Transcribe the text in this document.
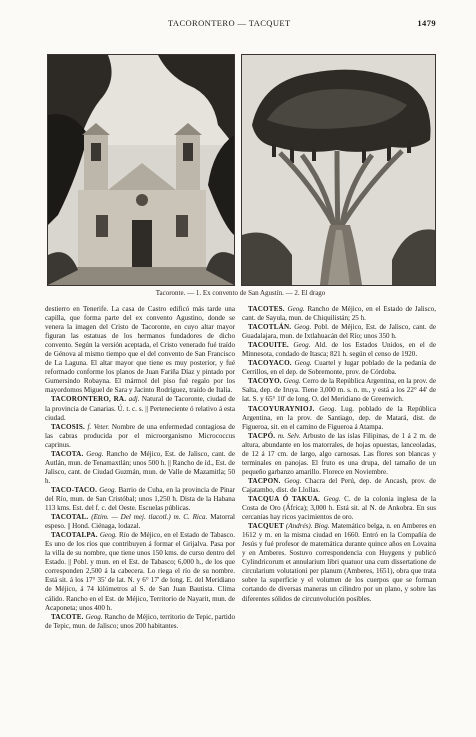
TACORONTERO — TACQUET	1479
Tacoronte. — 1. Ex convento de San Agustín. — 2. El drago

destierro en Tenerife. La casa de Castro edificó más tarde una capilla, que forma parte del ex convento Agustino, donde se venera la imagen del Cristo de Tacoronte, en cuyo altar mayor figuran las estatuas de los hermanos fundadores de dicho convento. Según la versión aceptada, el Cristo venerado fué traído de Génova al mismo tiempo que el del convento de San Francisco de La Laguna. El altar mayor que tiene es muy posterior, y fué reformado conforme los planos de Juan Fariña Díaz y pintado por Gumersindo Robayna. El mármol del piso fué regalo por los mayordomos Miguel de Sara y Jacinto Rodríguez, traído de Italia.

TACORONTERO, RA. adj. Natural de Tacoronte, ciudad de la provincia de Canarias. Ú. t. c. s. || Perteneciente ó relativo á esta ciudad.

TACOSIS. f. Veter. Nombre de una enfermedad contagiosa de las cabras producida por el microorganismo Micrococcus caprinus.

TACOTA. Geog. Rancho de Méjico, Est. de Jalisco, cant. de Autlán, mun. de Tenamaxtlán; unos 500 h. || Rancho de íd., Est. de Jalisco, cant. de Ciudad Guzmán, mun. de Valle de Mazamitla; 50 h.

TACO-TACO. Geog. Barrio de Cuba, en la provincia de Pinar del Río, mun. de San Cristóbal; unos 1,250 h. Dista de la Habana 113 kms. Est. del f. c. del Oeste. Escuelas públicas.

TACOTAL. (Etim. — Del mej. tlacotl.) m. C. Rica. Matorral espeso. || Hond. Ciénaga, lodazal.

TACOTALPA. Geog. Río de Méjico, en el Estado de Tabasco. Es uno de los ríos que contribuyen á formar el Grijalva. Pasa por la villa de su nombre, que tiene unos 150 kms. de curso dentro del Estado. || Pobl. y mun. en el Est. de Tabasco; 6,000 h., de los que corresponden 2,500 á la cabecera. Lo riega el río de su nombre. Está sit. á los 17° 35' de lat. N. y 6° 17' de long. E. del Meridiano de Méjico, á 74 kilómetros al S. de San Juan Bautista. Clima cálido. Rancho en el Est. de Méjico, Territorio de Nayarit, mun. de Acaponeta; unos 400 h.

TACOTE. Geog. Rancho de Méjico, territorio de Tepic, partido de Tepic, mun. de Jalisco; unos 200 habitantes.

TACOTES. Geog. Rancho de Méjico, en el Estado de Jalisco, cant. de Sayula, mun. de Chiquilistán; 25 h.

TACOTLÁN. Geog. Pobl. de Méjico, Est. de Jalisco, cant. de Guadalajara, mun. de Ixtlahuacán del Río; unos 350 h.

TACOUITE. Geog. Ald. de los Estados Unidos, en el de Minnesota, condado de Itasca; 821 h. según el censo de 1920.

TACOYACO. Geog. Cuartel y lugar poblado de la pedanía de Cerrillos, en el dep. de Sobremonte, prov. de Córdoba.

TACOYO. Geog. Cerro de la República Argentina, en la prov. de Salta, dep. de Iruya. Tiene 3,000 m. s. n. m., y está a los 22° 44' de lat. S. y 65° 10' de long. O. del Meridiano de Greenwich.

TACOYURAYNIOJ. Geog. Lug. poblado de la República Argentina, en la prov. de Santiago, dep. de Matará, dist. de Figueroa, sit. en el camino de Figueroa á Atampa.

TACPÓ. m. Selv. Arbusto de las islas Filipinas, de 1 á 2 m. de altura, abundante en los matorrales, de hojas opuestas, lanceoladas, de 12 á 17 cm. de largo, algo carnosas. Las flores son blancas y terminales en panojas. El fruto es una drupa, del tamaño de un pequeño garbanzo amarillo. Florece en Noviembre.

TACPON. Geog. Chacra del Perú, dep. de Ancash, prov. de Cajatambo, dist. de Llollas.

TACQUA Ó TAKUA. Geog. C. de la colonia inglesa de la Costa de Oro (África); 3,000 h. Está sit. al N. de Ankobra. En sus cercanías hay ricos yacimientos de oro.

TACQUET (Andrés). Biog. Matemático belga, n. en Amberes en 1612 y m. en la misma ciudad en 1660. Entró en la Compañía de Jesús y fué profesor de matemática durante quince años en Lovaina y en Amberes. Sostuvo correspondencia con Huygens y publicó Cylindricorum et annularium libri quatuor una cum dissertatione de circularium volutationi per planum (Amberes, 1651), obra que trata sobre la superficie y el volumen de los cuerpos que se forman cortando de diversas maneras un cilindro por un plano, y sobre las diferentes sólidos de circunvolución posibles.
